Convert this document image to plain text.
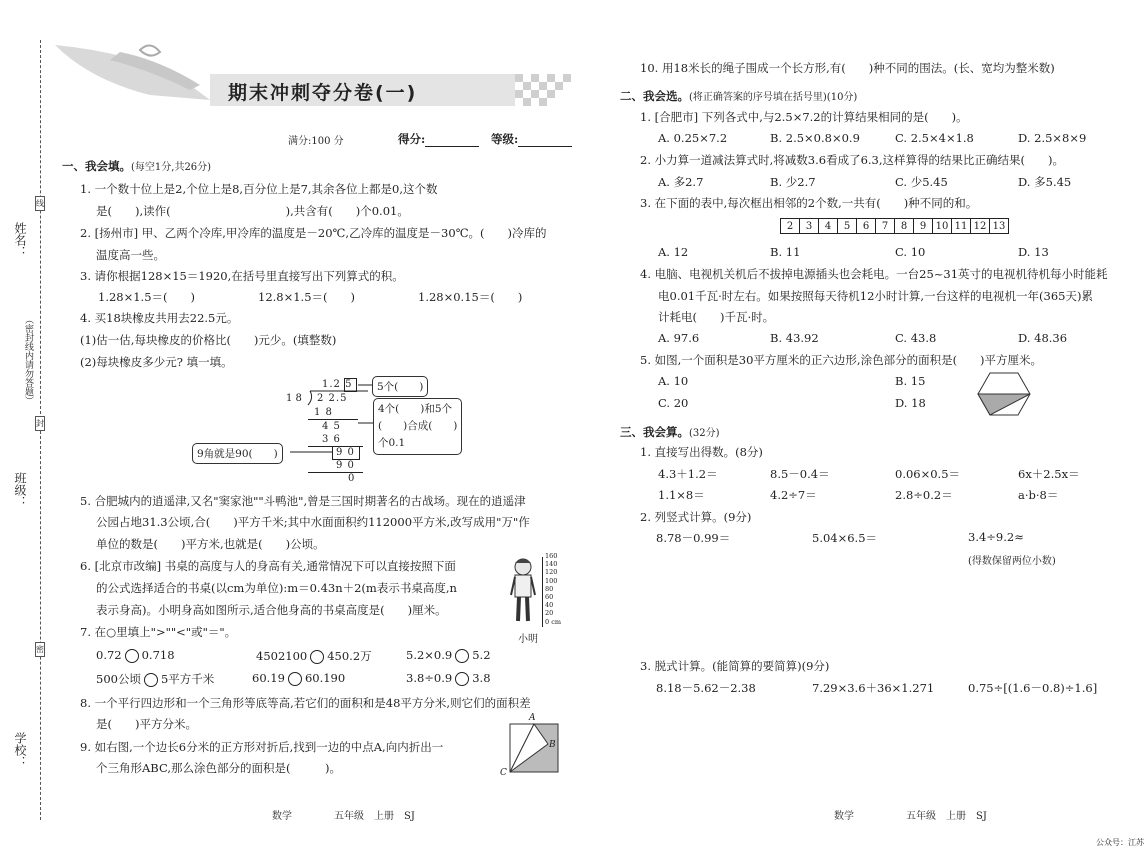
姓名：
班级：
学校：
（密封线内请勿答题）
线
封
密
期末冲刺夺分卷(一)
满分:100 分	得分:	等级:
一、我会填。(每空1分,共26分)
1. 一个数十位上是2,个位上是8,百分位上是7,其余各位上都是0,这个数
是(　　),读作(　　　　　　　　　　),共含有(　　)个0.01。
2. [扬州市] 甲、乙两个冷库,甲冷库的温度是－20℃,乙冷库的温度是－30℃。(　　)冷库的
温度高一些。
3. 请你根据128×15＝1920,在括号里直接写出下列算式的积。
1.28×1.5＝(　　)	12.8×1.5＝(　　)	1.28×0.15＝(　　)
4. 买18块橡皮共用去22.5元。
(1)估一估,每块橡皮的价格比(　　)元少。(填整数)
(2)每块橡皮多少元? 填一填。
1.2 5
1 8 2 2.5
1 8
4 5
3 6
9 0
9 0
0
5个(　　)
4个(　　)和5个
(　　)合成(　　)
个0.1
9角就是90(　　)
5. 合肥城内的逍遥津,又名"窦家池""斗鸭池",曾是三国时期著名的古战场。现在的逍遥津
公园占地31.3公顷,合(　　)平方千米;其中水面面积约112000平方米,改写成用"万"作
单位的数是(　　)平方米,也就是(　　)公顷。
6. [北京市改编] 书桌的高度与人的身高有关,通常情况下可以直接按照下面
的公式选择适合的书桌(以cm为单位):m＝0.43n＋2(m表示书桌高度,n
表示身高)。小明身高如图所示,适合他身高的书桌高度是(　　)厘米。
160
140
120
100
80
60
40
20
0 cm
小明
7. 在○里填上">""<"或"＝"。
0.72 0.718	4502100 450.2万	5.2×0.9 5.2
500公顷 5平方千米	60.19 60.190	3.8÷0.9 3.8
8. 一个平行四边形和一个三角形等底等高,若它们的面积和是48平方分米,则它们的面积差
是(　　)平方分米。
9. 如右图,一个边长6分米的正方形对折后,找到一边的中点A,向内折出一
个三角形ABC,那么涂色部分的面积是(　　　)。
A
B
C
数学	五年级　上册　SJ
10. 用18米长的绳子围成一个长方形,有(　　)种不同的围法。(长、宽均为整米数)
二、我会选。(将正确答案的序号填在括号里)(10分)
1. [合肥市] 下列各式中,与2.5×7.2的计算结果相同的是(　　)。
A. 0.25×7.2	B. 2.5×0.8×0.9	C. 2.5×4×1.8	D. 2.5×8×9
2. 小力算一道减法算式时,将减数3.6看成了6.3,这样算得的结果比正确结果(　　)。
A. 多2.7	B. 少2.7	C. 少5.45	D. 多5.45
3. 在下面的表中,每次框出相邻的2个数,一共有(　　)种不同的和。
2	3	4	5	6	7	8	9	10	11	12	13
A. 12	B. 11	C. 10	D. 13
4. 电脑、电视机关机后不拔掉电源插头也会耗电。一台25~31英寸的电视机待机每小时能耗
电0.01千瓦·时左右。如果按照每天待机12小时计算,一台这样的电视机一年(365天)累
计耗电(　　)千瓦·时。
A. 97.6	B. 43.92	C. 43.8	D. 48.36
5. 如图,一个面积是30平方厘米的正六边形,涂色部分的面积是(　　)平方厘米。
A. 10	B. 15
C. 20	D. 18
三、我会算。(32分)
1. 直接写出得数。(8分)
4.3＋1.2＝	8.5－0.4＝	0.06×0.5＝	6x＋2.5x＝
1.1×8＝	4.2÷7＝	2.8÷0.2＝	a·b·8＝
2. 列竖式计算。(9分)
8.78－0.99＝	5.04×6.5＝	3.4÷9.2≈
(得数保留两位小数)
3. 脱式计算。(能简算的要简算)(9分)
8.18－5.62－2.38	7.29×3.6＋36×1.271	0.75÷[(1.6－0.8)÷1.6]
数学	五年级　上册　SJ
公众号：江苏
